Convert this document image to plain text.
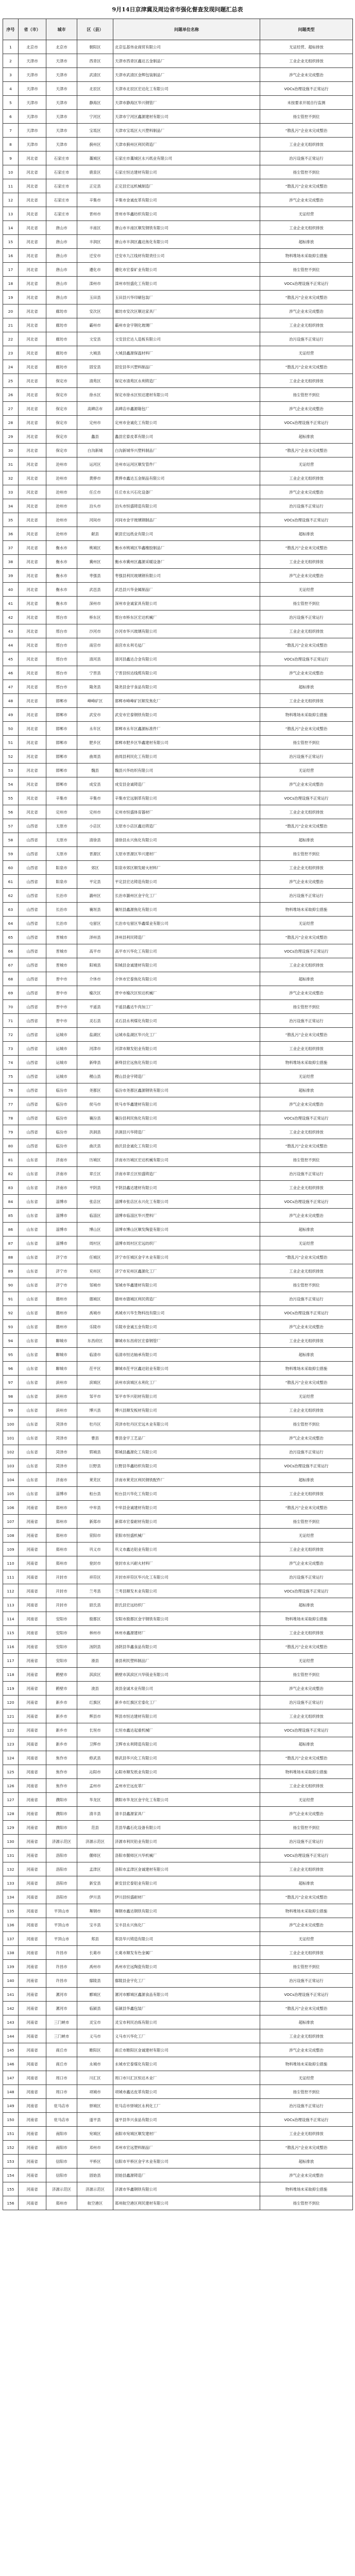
9月14日京津冀及周边省市强化督查发现问题汇总表
序号	省（市）	城市	区（县）	问题单位名称	问题类型
1	北京市	北京市	朝阳区	北京弘基伟业商贸有限公司	无证经营、超标排放
2	天津市	天津市	西青区	天津市西青区鑫达五金制品厂	工业企业无组织排放
3	天津市	天津市	武清区	天津市武清区金辉包装制品厂	涉气企业未完成整治
4	天津市	天津市	北辰区	天津市北辰区宏达化工有限公司	VOCs治理设施不正常运行
5	天津市	天津市	静海区	天津市静海区华兴钢管厂	未按要求开展自行监测
6	天津市	天津市	宁河区	天津市宁河区鑫源建材有限公司	扬尘管控不到位
7	天津市	天津市	宝坻区	天津市宝坻区大兴塑料制品厂	“散乱污”企业未完成整治
8	天津市	天津市	蓟州区	天津市蓟州区利民铸造厂	工业企业无组织排放
9	河北省	石家庄市	藁城区	石家庄市藁城区永兴纸业有限公司	治污设施不正常运行
10	河北省	石家庄市	鹿泉区	石家庄恒达建材有限公司	扬尘管控不到位
11	河北省	石家庄市	正定县	正定县宏远机械制造厂	“散乱污”企业未完成整治
12	河北省	石家庄市	辛集市	辛集市金诚皮革有限公司	涉气企业未完成整治
13	河北省	石家庄市	晋州市	晋州市华鑫纺织有限公司	无证经营
14	河北省	唐山市	丰南区	唐山市丰南区顺发钢铁有限公司	工业企业无组织排放
15	河北省	唐山市	丰润区	唐山市丰润区鑫达焦化有限公司	超标排放
16	河北省	唐山市	迁安市	迁安市九江线材有限责任公司	物料堆场未采取抑尘措施
17	河北省	唐山市	遵化市	遵化市宏泰矿业有限公司	扬尘管控不到位
18	河北省	唐山市	滦州市	滦州市恒盛化工有限公司	VOCs治理设施不正常运行
19	河北省	唐山市	玉田县	玉田县兴华印刷包装厂	“散乱污”企业未完成整治
20	河北省	廊坊市	安次区	廊坊市安次区顺达家具厂	涉气企业未完成整治
21	河北省	廊坊市	霸州市	霸州市金宇钢化玻璃厂	工业企业无组织排放
22	河北省	廊坊市	文安县	文安县宏达人造板有限公司	治污设施不正常运行
23	河北省	廊坊市	大城县	大城县鑫源保温材料厂	无证经营
24	河北省	廊坊市	固安县	固安县华兴塑料制品厂	“散乱污”企业未完成整治
25	河北省	保定市	清苑区	保定市清苑区永利铸造厂	工业企业无组织排放
26	河北省	保定市	徐水区	保定市徐水区恒达建材有限公司	扬尘管控不到位
27	河北省	保定市	高碑店市	高碑店市鑫源箱包厂	涉气企业未完成整治
28	河北省	保定市	定州市	定州市金诚化工有限公司	VOCs治理设施不正常运行
29	河北省	保定市	蠡县	蠡县宏泰皮革有限公司	超标排放
30	河北省	保定市	白沟新城	白沟新城华兴塑料制品厂	“散乱污”企业未完成整治
31	河北省	沧州市	运河区	沧州市运河区顺发管件厂	无证经营
32	河北省	沧州市	黄骅市	黄骅市鑫达五金制品有限公司	工业企业无组织排放
33	河北省	沧州市	任丘市	任丘市永兴石化设备厂	涉气企业未完成整治
34	河北省	沧州市	泊头市	泊头市恒盛铸造有限公司	治污设施不正常运行
35	河北省	沧州市	河间市	河间市金宇玻璃钢制品厂	VOCs治理设施不正常运行
36	河北省	沧州市	献县	献县宏远纸业有限公司	超标排放
37	河北省	衡水市	桃城区	衡水市桃城区华鑫橡胶制品厂	“散乱污”企业未完成整治
38	河北省	衡水市	冀州区	衡水市冀州区鑫源采暖设备厂	工业企业无组织排放
39	河北省	衡水市	枣强县	枣强县利民玻璃钢有限公司	涉气企业未完成整治
40	河北省	衡水市	武邑县	武邑县兴华金属制品厂	无证经营
41	河北省	衡水市	深州市	深州市金诚家具有限公司	扬尘管控不到位
42	河北省	邢台市	桥东区	邢台市桥东区宏达机械厂	治污设施不正常运行
43	河北省	邢台市	沙河市	沙河市华兴玻璃有限公司	工业企业无组织排放
44	河北省	邢台市	南宫市	南宫市永利毛毡厂	“散乱污”企业未完成整治
45	河北省	邢台市	清河县	清河县鑫达合金有限公司	VOCs治理设施不正常运行
46	河北省	邢台市	宁晋县	宁晋县恒达线缆有限公司	涉气企业未完成整治
47	河北省	邢台市	隆尧县	隆尧县金宇食品有限公司	超标排放
48	河北省	邯郸市	峰峰矿区	邯郸市峰峰矿区顺发焦化厂	工业企业无组织排放
49	河北省	邯郸市	武安市	武安市宏泰钢铁有限公司	物料堆场未采取抑尘措施
50	河北省	邯郸市	永年区	邯郸市永年区鑫源标准件厂	“散乱污”企业未完成整治
51	河北省	邯郸市	肥乡区	邯郸市肥乡区华鑫建材有限公司	扬尘管控不到位
52	河北省	邯郸市	曲周县	曲周县利民化工有限公司	治污设施不正常运行
53	河北省	邯郸市	魏县	魏县兴华纺织有限公司	无证经营
54	河北省	邯郸市	成安县	成安县金诚铸造厂	涉气企业未完成整治
55	河北省	辛集市	辛集市	辛集市宏远制革有限公司	VOCs治理设施不正常运行
56	河北省	定州市	定州市	定州市恒盛体育器材厂	工业企业无组织排放
57	山西省	太原市	小店区	太原市小店区鑫达铸造厂	“散乱污”企业未完成整治
58	山西省	太原市	清徐县	清徐县永兴焦化有限公司	超标排放
59	山西省	太原市	晋源区	太原市晋源区华兴建材厂	扬尘管控不到位
60	山西省	阳泉市	郊区	阳泉市郊区顺发耐火材料厂	工业企业无组织排放
61	山西省	阳泉市	平定县	平定县宏达铸造有限公司	涉气企业未完成整治
62	山西省	长治市	潞州区	长治市潞州区金宇化工厂	治污设施不正常运行
63	山西省	长治市	襄垣县	襄垣县鑫源焦化有限公司	物料堆场未采取抑尘措施
64	山西省	长治市	屯留区	长治市屯留区华鑫煤业有限公司	无证经营
65	山西省	晋城市	泽州县	泽州县利民铸造厂	“散乱污”企业未完成整治
66	山西省	晋城市	高平市	高平市兴华化工有限公司	VOCs治理设施不正常运行
67	山西省	晋城市	阳城县	阳城县金诚建材有限公司	工业企业无组织排放
68	山西省	晋中市	介休市	介休市宏泰焦化有限公司	超标排放
69	山西省	晋中市	榆次区	晋中市榆次区恒达机械厂	涉气企业未完成整治
70	山西省	晋中市	平遥县	平遥县鑫达牛肉加工厂	扬尘管控不到位
71	山西省	晋中市	灵石县	灵石县永利煤化有限公司	治污设施不正常运行
72	山西省	运城市	盐湖区	运城市盐湖区华兴化工厂	“散乱污”企业未完成整治
73	山西省	运城市	河津市	河津市顺发铝业有限公司	工业企业无组织排放
74	山西省	运城市	新绛县	新绛县宏远焦化有限公司	物料堆场未采取抑尘措施
75	山西省	运城市	稷山县	稷山县金宇铸造厂	无证经营
76	山西省	临汾市	尧都区	临汾市尧都区鑫源钢铁有限公司	超标排放
77	山西省	临汾市	侯马市	侯马市华鑫建材有限公司	涉气企业未完成整治
78	山西省	临汾市	襄汾县	襄汾县利民焦化有限公司	VOCs治理设施不正常运行
79	山西省	临汾市	洪洞县	洪洞县兴华铸造厂	工业企业无组织排放
80	山西省	临汾市	曲沃县	曲沃县金诚化工有限公司	“散乱污”企业未完成整治
81	山东省	济南市	历城区	济南市历城区宏达机械有限公司	扬尘管控不到位
82	山东省	济南市	章丘区	济南市章丘区恒盛铸造厂	治污设施不正常运行
83	山东省	济南市	平阴县	平阴县鑫达建材有限公司	工业企业无组织排放
84	山东省	淄博市	张店区	淄博市张店区永兴化工有限公司	VOCs治理设施不正常运行
85	山东省	淄博市	临淄区	淄博市临淄区华兴塑料厂	涉气企业未完成整治
86	山东省	淄博市	博山区	淄博市博山区顺发陶瓷有限公司	超标排放
87	山东省	淄博市	周村区	淄博市周村区宏远纺织厂	无证经营
88	山东省	济宁市	任城区	济宁市任城区金宇木业有限公司	“散乱污”企业未完成整治
89	山东省	济宁市	兖州区	济宁市兖州区鑫源化工厂	工业企业无组织排放
90	山东省	济宁市	邹城市	邹城市华鑫建材有限公司	扬尘管控不到位
91	山东省	德州市	德城区	德州市德城区利民铸造厂	治污设施不正常运行
92	山东省	德州市	禹城市	禹城市兴华生物科技有限公司	VOCs治理设施不正常运行
93	山东省	德州市	乐陵市	乐陵市金诚五金有限公司	涉气企业未完成整治
94	山东省	聊城市	东昌府区	聊城市东昌府区宏泰钢管厂	工业企业无组织排放
95	山东省	聊城市	临清市	临清市恒达轴承有限公司	超标排放
96	山东省	聊城市	茌平区	聊城市茌平区鑫达铝业有限公司	物料堆场未采取抑尘措施
97	山东省	滨州市	滨城区	滨州市滨城区永利化工厂	“散乱污”企业未完成整治
98	山东省	滨州市	邹平市	邹平市华兴铝材有限公司	无证经营
99	山东省	滨州市	博兴县	博兴县顺发板材有限公司	工业企业无组织排放
100	山东省	菏泽市	牡丹区	菏泽市牡丹区宏远木业有限公司	扬尘管控不到位
101	山东省	菏泽市	曹县	曹县金宇工艺品厂	涉气企业未完成整治
102	山东省	菏泽市	郓城县	郓城县鑫源化工有限公司	治污设施不正常运行
103	山东省	菏泽市	巨野县	巨野县华鑫纺织有限公司	VOCs治理设施不正常运行
104	山东省	济南市	莱芜区	济南市莱芜区利民钢铁配件厂	超标排放
105	山东省	淄博市	桓台县	桓台县兴华化工有限公司	工业企业无组织排放
106	河南省	郑州市	中牟县	中牟县金诚建材有限公司	“散乱污”企业未完成整治
107	河南省	郑州市	新郑市	新郑市宏泰耐材有限公司	扬尘管控不到位
108	河南省	郑州市	荥阳市	荥阳市恒盛机械厂	无证经营
109	河南省	郑州市	巩义市	巩义市鑫达铝业有限公司	工业企业无组织排放
110	河南省	郑州市	登封市	登封市永兴耐火材料厂	涉气企业未完成整治
111	河南省	开封市	祥符区	开封市祥符区华兴化工有限公司	治污设施不正常运行
112	河南省	开封市	兰考县	兰考县顺发木业有限公司	VOCs治理设施不正常运行
113	河南省	开封市	尉氏县	尉氏县宏远纺织厂	超标排放
114	河南省	安阳市	殷都区	安阳市殷都区金宇钢铁有限公司	物料堆场未采取抑尘措施
115	河南省	安阳市	林州市	林州市鑫源建材厂	工业企业无组织排放
116	河南省	安阳市	汤阴县	汤阴县华鑫食品有限公司	“散乱污”企业未完成整治
117	河南省	安阳市	滑县	滑县利民塑料制品厂	无证经营
118	河南省	鹤壁市	淇滨区	鹤壁市淇滨区兴华镁业有限公司	扬尘管控不到位
119	河南省	鹤壁市	浚县	浚县金诚木业有限公司	涉气企业未完成整治
120	河南省	新乡市	红旗区	新乡市红旗区宏泰化工厂	治污设施不正常运行
121	河南省	新乡市	辉县市	辉县市恒达建材有限公司	工业企业无组织排放
122	河南省	新乡市	长垣市	长垣市鑫达起重机械厂	VOCs治理设施不正常运行
123	河南省	新乡市	卫辉市	卫辉市永利铸造有限公司	超标排放
124	河南省	焦作市	修武县	修武县华兴化工有限公司	“散乱污”企业未完成整治
125	河南省	焦作市	沁阳市	沁阳市顺发纸业有限公司	物料堆场未采取抑尘措施
126	河南省	焦作市	孟州市	孟州市宏远皮革厂	工业企业无组织排放
127	河南省	濮阳市	华龙区	濮阳市华龙区金宇化工有限公司	无证经营
128	河南省	濮阳市	清丰县	清丰县鑫源家具厂	涉气企业未完成整治
129	河南省	濮阳市	范县	范县华鑫石化设备有限公司	扬尘管控不到位
130	河南省	济源示范区	济源示范区	济源市利民铅业有限公司	治污设施不正常运行
131	河南省	洛阳市	偃师区	洛阳市偃师区兴华机械厂	VOCs治理设施不正常运行
132	河南省	洛阳市	孟津区	洛阳市孟津区金诚建材有限公司	工业企业无组织排放
133	河南省	洛阳市	新安县	新安县宏泰铝业有限公司	超标排放
134	河南省	洛阳市	伊川县	伊川县恒盛耐材厂	“散乱污”企业未完成整治
135	河南省	平顶山市	舞钢市	舞钢市鑫达钢铁有限公司	物料堆场未采取抑尘措施
136	河南省	平顶山市	宝丰县	宝丰县永兴焦化厂	涉气企业未完成整治
137	河南省	平顶山市	郏县	郏县华兴铸造有限公司	无证经营
138	河南省	许昌市	长葛市	长葛市顺发有色金属厂	工业企业无组织排放
139	河南省	许昌市	禹州市	禹州市宏远陶瓷有限公司	扬尘管控不到位
140	河南省	许昌市	鄢陵县	鄢陵县金宇化工厂	治污设施不正常运行
141	河南省	漯河市	郾城区	漯河市郾城区鑫源食品有限公司	VOCs治理设施不正常运行
142	河南省	漯河市	临颍县	临颍县华鑫包装厂	“散乱污”企业未完成整治
143	河南省	三门峡市	灵宝市	灵宝市利民冶炼有限公司	超标排放
144	河南省	三门峡市	义马市	义马市兴华化工厂	工业企业无组织排放
145	河南省	商丘市	睢阳区	商丘市睢阳区金诚建材有限公司	涉气企业未完成整治
146	河南省	商丘市	永城市	永城市宏泰煤化有限公司	物料堆场未采取抑尘措施
147	河南省	周口市	川汇区	周口市川汇区恒达木业厂	无证经营
148	河南省	周口市	项城市	项城市鑫达皮革有限公司	扬尘管控不到位
149	河南省	驻马店市	驿城区	驻马店市驿城区永利化工厂	治污设施不正常运行
150	河南省	驻马店市	遂平县	遂平县华兴食品有限公司	VOCs治理设施不正常运行
151	河南省	南阳市	宛城区	南阳市宛城区顺发建材厂	工业企业无组织排放
152	河南省	南阳市	邓州市	邓州市宏远塑料制品厂	“散乱污”企业未完成整治
153	河南省	信阳市	平桥区	信阳市平桥区金宇木业有限公司	超标排放
154	河南省	信阳市	固始县	固始县鑫源铸造厂	涉气企业未完成整治
155	河南省	济源示范区	济源示范区	济源市华鑫钢铁有限公司	物料堆场未采取抑尘措施
156	河南省	郑州市	航空港区	郑州航空港区利民建材有限公司	扬尘管控不到位
